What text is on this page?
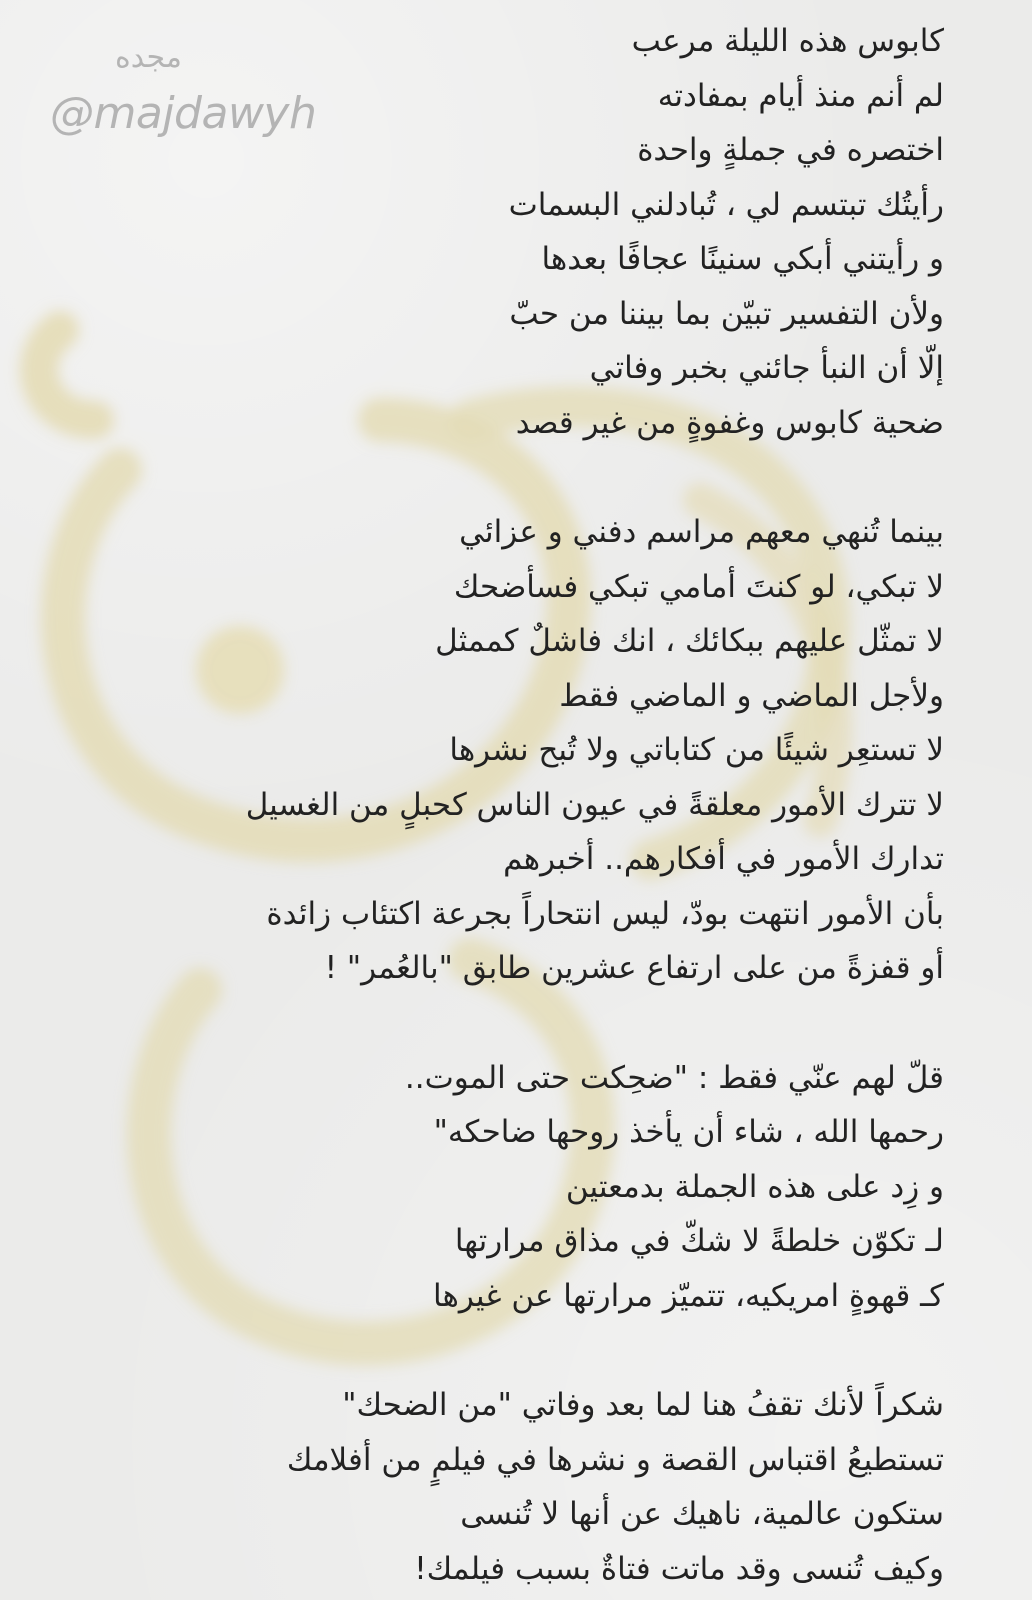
مجده
@majdawyh
كابوس هذه الليلة مرعب
لم أنم منذ أيام بمفادته
اختصره في جملةٍ واحدة
رأيتُك تبتسم لي ، تُبادلني البسمات
و رأيتني أبكي سنينًا عجافًا بعدها
ولأن التفسير تبيّن بما بيننا من حبّ
إلّا أن النبأ جائني بخبر وفاتي
ضحية كابوس وغفوةٍ من غير قصد
بينما تُنهي معهم مراسم دفني و عزائي
لا تبكي، لو كنتَ أمامي تبكي فسأضحك
لا تمثّل عليهم ببكائك ، انك فاشلٌ كممثل
ولأجل الماضي و الماضي فقط
لا تستعِر شيئًا من كتاباتي ولا تُبح نشرها
لا تترك الأمور معلقةً في عيون الناس كحبلٍ من الغسيل
تدارك الأمور في أفكارهم.. أخبرهم
بأن الأمور انتهت بودّ، ليس انتحاراً بجرعة اكتئاب زائدة
أو قفزةً من على ارتفاع عشرين طابق "بالعُمر" !
قلّ لهم عنّي فقط : "ضحِكت حتى الموت..
رحمها الله ، شاء أن يأخذ روحها ضاحكه"
و زِد على هذه الجملة بدمعتين
لـ تكوّن خلطةً لا شكّ في مذاق مرارتها
كـ قهوةٍ امريكيه، تتميّز مرارتها عن غيرها
شكراً لأنك تقفُ هنا لما بعد وفاتي "من الضحك"
تستطيعُ اقتباس القصة و نشرها في فيلمٍ من أفلامك
ستكون عالمية، ناهيك عن أنها لا تُنسى
وكيف تُنسى وقد ماتت فتاةٌ بسبب فيلمك!
